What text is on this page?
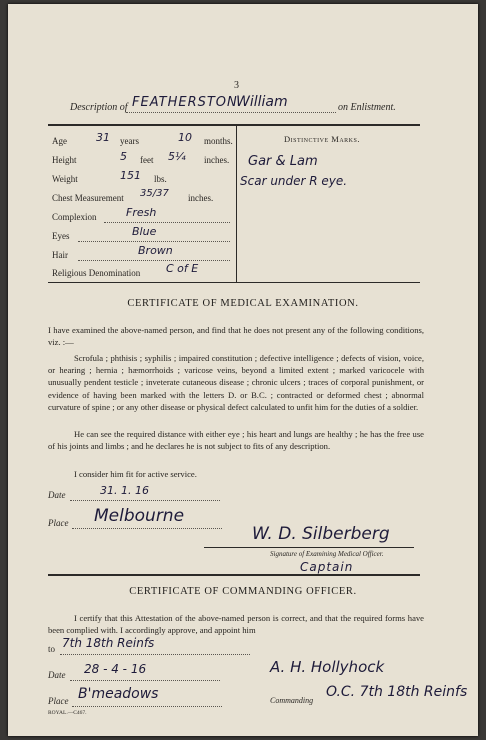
3
Description of FEATHERSTON
William	on Enlistment.
Age	31 years	10 months.
Height	5 feet 5¼ inches.
Weight	151 lbs.
Chest Measurement 35/37 inches.
Complexion	Fresh
Eyes	Blue
Hair	Brown
Religious Denomination C of E
Distinctive Marks.
Gar & Lam
Scar under R eye.
CERTIFICATE OF MEDICAL EXAMINATION.
I have examined the above-named person, and find that he does not present any of the following conditions, viz. :—
Scrofula ; phthisis ; syphilis ; impaired constitution ; defective intelligence ; defects of vision, voice, or hearing ; hernia ; hæmorrhoids ; varicose veins, beyond a limited extent ; marked varicocele with unusually pendent testicle ; inveterate cutaneous disease ; chronic ulcers ; traces of corporal punishment, or evidence of having been marked with the letters D. or B.C. ; contracted or deformed chest ; abnormal curvature of spine ; or any other disease or physical defect calculated to unfit him for the duties of a soldier.
He can see the required distance with either eye ; his heart and lungs are healthy ; he has the free use of his joints and limbs ; and he declares he is not subject to fits of any description.
I consider him fit for active service.
Date	31. 1. 16
Place Melbourne
W. D. Silberberg
Signature of Examining Medical Officer.
Captain
CERTIFICATE OF COMMANDING OFFICER.
I certify that this Attestation of the above-named person is correct, and that the required forms have been complied with. I accordingly approve, and appoint him
to 7th 18th Reinfs
Date 28 - 4 - 16	A. H. Hollyhock
Place B'meadows	Commanding
O.C. 7th 18th Reinfs
ROYAL.—C467.
